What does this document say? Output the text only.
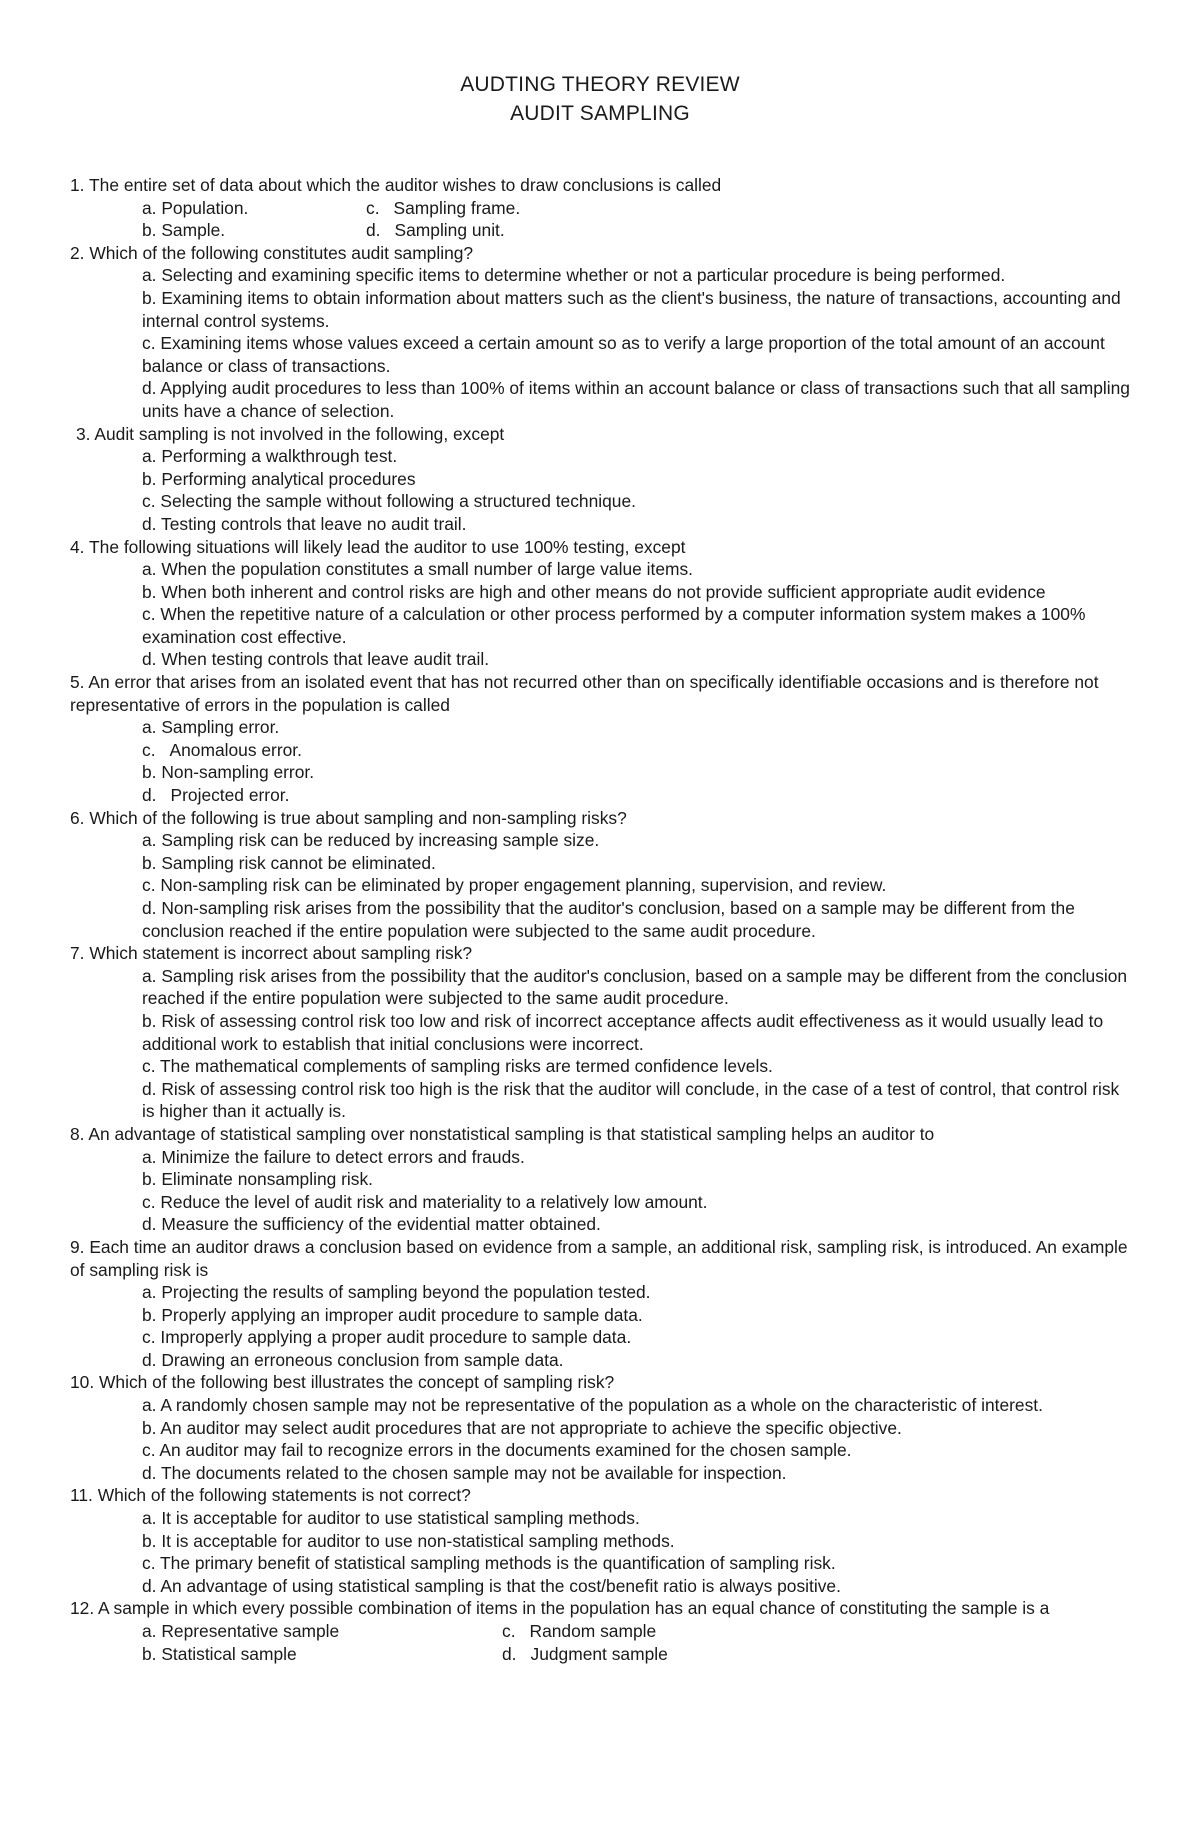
AUDTING THEORY REVIEW
AUDIT SAMPLING
1. The entire set of data about which the auditor wishes to draw conclusions is called
a. Population.	c. Sampling frame.
b. Sample.	d. Sampling unit.
2. Which of the following constitutes audit sampling?
a. Selecting and examining specific items to determine whether or not a particular procedure is being performed.
b. Examining items to obtain information about matters such as the client's business, the nature of transactions, accounting and internal control systems.
c. Examining items whose values exceed a certain amount so as to verify a large proportion of the total amount of an account balance or class of transactions.
d. Applying audit procedures to less than 100% of items within an account balance or class of transactions such that all sampling units have a chance of selection.
3. Audit sampling is not involved in the following, except
a. Performing a walkthrough test.
b. Performing analytical procedures
c. Selecting the sample without following a structured technique.
d. Testing controls that leave no audit trail.
4. The following situations will likely lead the auditor to use 100% testing, except
a. When the population constitutes a small number of large value items.
b. When both inherent and control risks are high and other means do not provide sufficient appropriate audit evidence
c. When the repetitive nature of a calculation or other process performed by a computer information system makes a 100% examination cost effective.
d. When testing controls that leave audit trail.
5. An error that arises from an isolated event that has not recurred other than on specifically identifiable occasions and is therefore not representative of errors in the population is called
a. Sampling error.
c. Anomalous error.
b. Non-sampling error.
d. Projected error.
6. Which of the following is true about sampling and non-sampling risks?
a. Sampling risk can be reduced by increasing sample size.
b. Sampling risk cannot be eliminated.
c. Non-sampling risk can be eliminated by proper engagement planning, supervision, and review.
d. Non-sampling risk arises from the possibility that the auditor's conclusion, based on a sample may be different from the conclusion reached if the entire population were subjected to the same audit procedure.
7. Which statement is incorrect about sampling risk?
a. Sampling risk arises from the possibility that the auditor's conclusion, based on a sample may be different from the conclusion reached if the entire population were subjected to the same audit procedure.
b. Risk of assessing control risk too low and risk of incorrect acceptance affects audit effectiveness as it would usually lead to additional work to establish that initial conclusions were incorrect.
c. The mathematical complements of sampling risks are termed confidence levels.
d. Risk of assessing control risk too high is the risk that the auditor will conclude, in the case of a test of control, that control risk is higher than it actually is.
8. An advantage of statistical sampling over nonstatistical sampling is that statistical sampling helps an auditor to
a. Minimize the failure to detect errors and frauds.
b. Eliminate nonsampling risk.
c. Reduce the level of audit risk and materiality to a relatively low amount.
d. Measure the sufficiency of the evidential matter obtained.
9. Each time an auditor draws a conclusion based on evidence from a sample, an additional risk, sampling risk, is introduced. An example of sampling risk is
a. Projecting the results of sampling beyond the population tested.
b. Properly applying an improper audit procedure to sample data.
c. Improperly applying a proper audit procedure to sample data.
d. Drawing an erroneous conclusion from sample data.
10. Which of the following best illustrates the concept of sampling risk?
a. A randomly chosen sample may not be representative of the population as a whole on the characteristic of interest.
b. An auditor may select audit procedures that are not appropriate to achieve the specific objective.
c. An auditor may fail to recognize errors in the documents examined for the chosen sample.
d. The documents related to the chosen sample may not be available for inspection.
11. Which of the following statements is not correct?
a. It is acceptable for auditor to use statistical sampling methods.
b. It is acceptable for auditor to use non-statistical sampling methods.
c. The primary benefit of statistical sampling methods is the quantification of sampling risk.
d. An advantage of using statistical sampling is that the cost/benefit ratio is always positive.
12. A sample in which every possible combination of items in the population has an equal chance of constituting the sample is a
a. Representative sample	c. Random sample
b. Statistical sample	d. Judgment sample
